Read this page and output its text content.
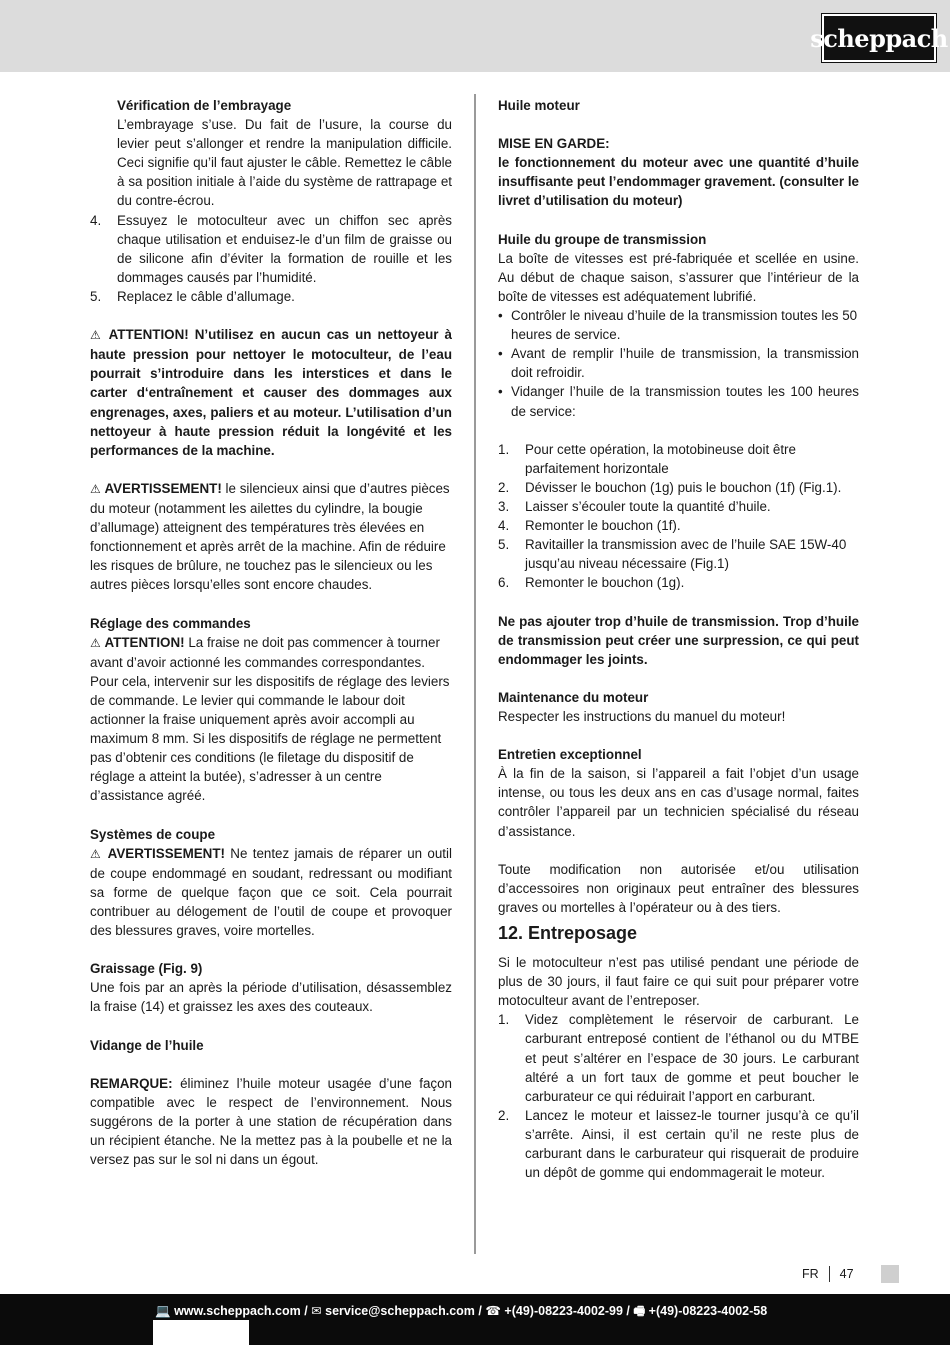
scheppach

Vérification de l’embrayage

L’embrayage s’use. Du fait de l’usure, la course du levier peut s’allonger et rendre la manipulation difficile. Ceci signifie qu’il faut ajuster le câble. Remettez le câble à sa position initiale à l’aide du système de rattrapage et du contre-écrou.

4.	Essuyez le motoculteur avec un chiffon sec après chaque utilisation et enduisez-le d’un film de graisse ou de silicone afin d’éviter la formation de rouille et les dommages causés par l’humidité.
5.	Replacez le câble d’allumage.

⚠ ATTENTION! N’utilisez en aucun cas un nettoyeur à haute pression pour nettoyer le motoculteur, de l’eau pourrait s’introduire dans les interstices et dans le carter d‘entraînement et causer des dommages aux engrenages, axes, paliers et au moteur. L’utilisation d’un nettoyeur à haute pression réduit la longévité et les performances de la machine.

⚠ AVERTISSEMENT! le silencieux ainsi que d’autres pièces du moteur (notamment les ailettes du cylindre, la bougie d’allumage) atteignent des températures très élevées en fonctionnement et après arrêt de la machine. Afin de réduire les risques de brûlure, ne touchez pas le silencieux ou les autres pièces lorsqu’elles sont encore chaudes.

Réglage des commandes

⚠ ATTENTION! La fraise ne doit pas commencer à tourner avant d’avoir actionné les commandes correspondantes.

Pour cela, intervenir sur les dispositifs de réglage des leviers de commande. Le levier qui commande le labour doit actionner la fraise uniquement après avoir accompli au maximum 8 mm. Si les dispositifs de réglage ne permettent pas d’obtenir ces conditions (le filetage du dispositif de réglage a atteint la butée), s’adresser à un centre d’assistance agréé.

Systèmes de coupe

⚠ AVERTISSEMENT! Ne tentez jamais de réparer un outil de coupe endommagé en soudant, redressant ou modifiant sa forme de quelque façon que ce soit. Cela pourrait contribuer au délogement de l’outil de coupe et provoquer des blessures graves, voire mortelles.

Graissage (Fig. 9)

Une fois par an après la période d’utilisation, désassemblez la fraise (14) et graissez les axes des couteaux.

Vidange de l’huile

REMARQUE: éliminez l’huile moteur usagée d’une façon compatible avec le respect de l’environnement. Nous suggérons de la porter à une station de récupération dans un récipient étanche. Ne la mettez pas à la poubelle et ne la versez pas sur le sol ni dans un égout.

Huile moteur

MISE EN GARDE:

le fonctionnement du moteur avec une quantité d’huile insuffisante peut l’endommager gravement. (consulter le livret d’utilisation du moteur)

Huile du groupe de transmission

La boîte de vitesses est pré-fabriquée et scellée en usine. Au début de chaque saison, s’assurer que l’intérieur de la boîte de vitesses est adéquatement lubrifié.

• Contrôler le niveau d’huile de la transmission toutes les 50 heures de service.
• Avant de remplir l’huile de transmission, la transmission doit refroidir.
• Vidanger l’huile de la transmission toutes les 100 heures de service:
1.	Pour cette opération, la motobineuse doit être parfaitement horizontale
2.	Dévisser le bouchon (1g) puis le bouchon (1f) (Fig.1).
3.	Laisser s’écouler toute la quantité d’huile.
4.	Remonter le bouchon (1f).
5.	Ravitailler la transmission avec de l’huile SAE 15W-40 jusqu’au niveau nécessaire (Fig.1)
6.	Remonter le bouchon (1g).

Ne pas ajouter trop d’huile de transmission. Trop d’huile de transmission peut créer une surpression, ce qui peut endommager les joints.

Maintenance du moteur

Respecter les instructions du manuel du moteur!

Entretien exceptionnel

À la fin de la saison, si l’appareil a fait l’objet d’un usage intense, ou tous les deux ans en cas d’usage normal, faites contrôler l’appareil par un technicien spécialisé du réseau d’assistance.

Toute modification non autorisée et/ou utilisation d’accessoires non originaux peut entraîner des blessures graves ou mortelles à l’opérateur ou à des tiers.

12. Entreposage

Si le motoculteur n’est pas utilisé pendant une période de plus de 30 jours, il faut faire ce qui suit pour préparer votre motoculteur avant de l’entreposer.

1.	Videz complètement le réservoir de carburant. Le carburant entreposé contient de l’éthanol ou du MTBE et peut s’altérer en l’espace de 30 jours. Le carburant altéré a un fort taux de gomme et peut boucher le carburateur ce qui réduirait l’apport en carburant.
2.	Lancez le moteur et laissez-le tourner jusqu’à ce qu’il s’arrête. Ainsi, il est certain qu’il ne reste plus de carburant dans le carburateur qui risquerait de produire un dépôt de gomme qui endommagerait le moteur.
FR 47
💻 www.scheppach.com / ✉ service@scheppach.com / ☎ +(49)-08223-4002-99 / 🖷 +(49)-08223-4002-58
